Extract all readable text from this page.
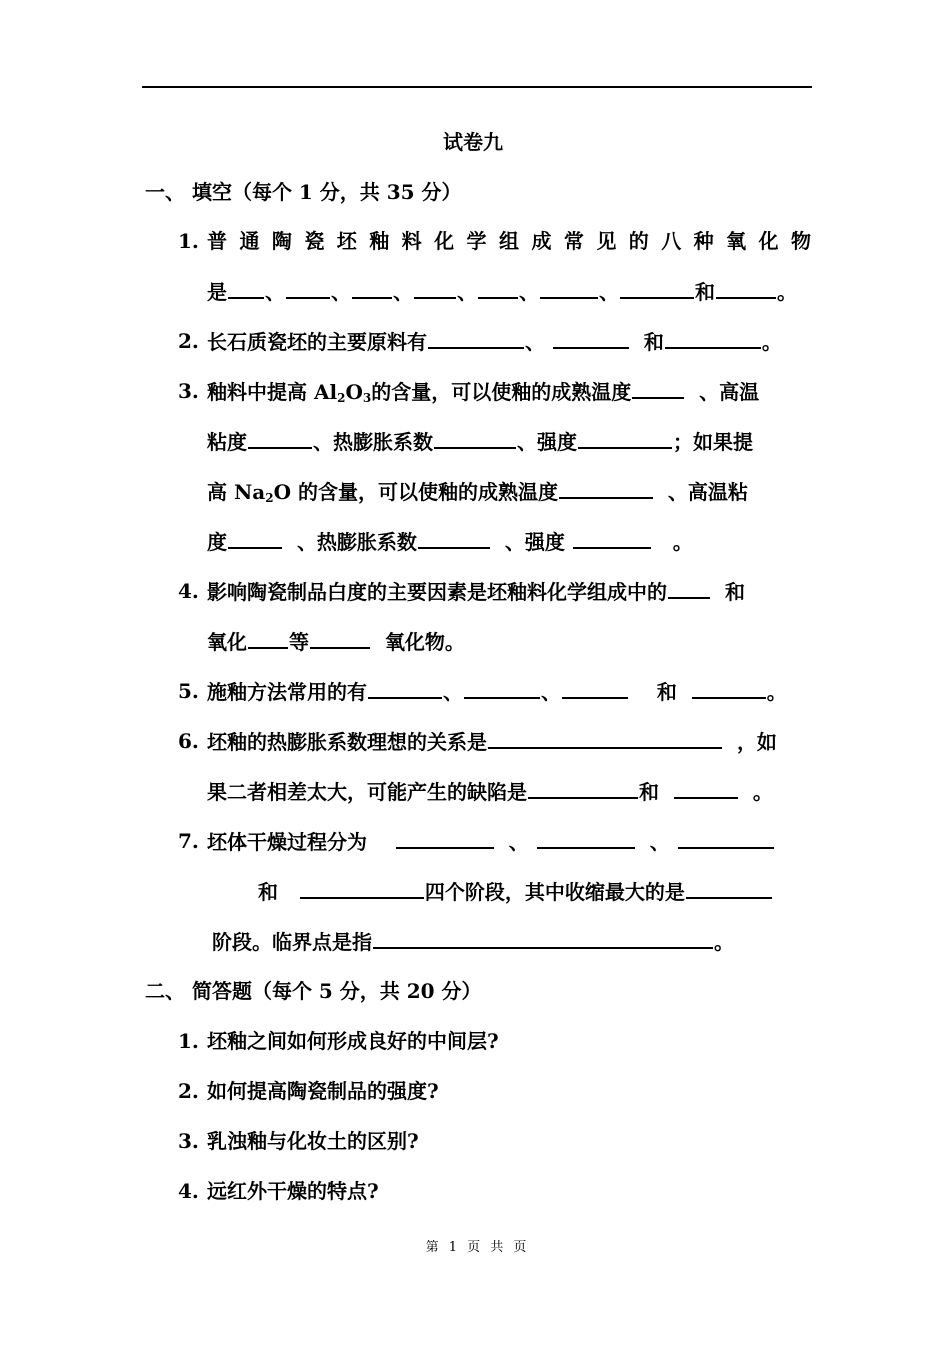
试卷九
一、 填空（每个 1 分，共 35 分）
1. 普通陶瓷坯釉料化学组成常见的八种氧化物
是 、 、 、 、 、	、	和	。
2. 长石质瓷坯的主要原料有	、	和	。
3. 釉料中提高 $Al_2O_3$的含量，可以使釉的成熟温度	、高温
粘度	、热膨胀系数	、强度	；如果提
高 $Na_2O$ 的含量，可以使釉的成熟温度	、高温粘
度	、热膨胀系数	、强度	。
4. 影响陶瓷制品白度的主要因素是坯釉料化学组成中的	和
氧化 等	氧化物。
5. 施釉方法常用的有	、	、	和	。
6. 坯釉的热膨胀系数理想的关系是	，如
果二者相差太大，可能产生的缺陷是	和	。
7. 坯体干燥过程分为	、	、
和	四个阶段，其中收缩最大的是
阶段。临界点是指	。
二、 简答题（每个 5 分，共 20 分）
1. 坯釉之间如何形成良好的中间层?
2. 如何提高陶瓷制品的强度?
3. 乳浊釉与化妆土的区别?
4. 远红外干燥的特点?
第 1 页 共 页
